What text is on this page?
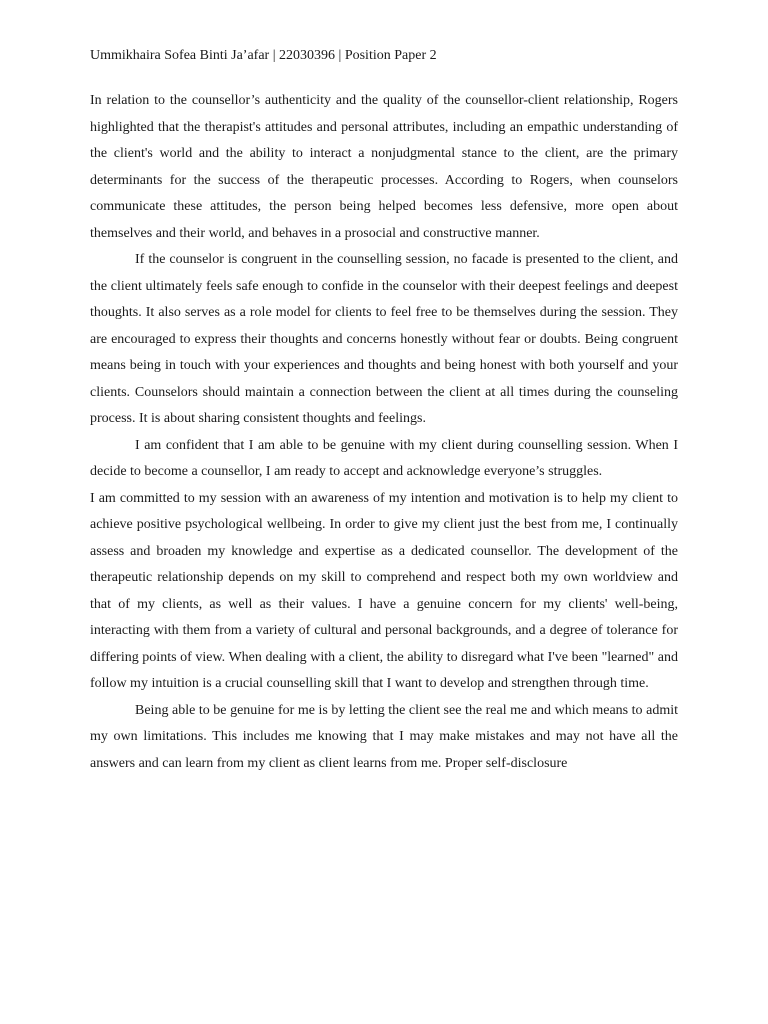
Ummikhaira Sofea Binti Ja’afar | 22030396 | Position Paper 2

In relation to the counsellor’s authenticity and the quality of the counsellor-client relationship, Rogers highlighted that the therapist's attitudes and personal attributes, including an empathic understanding of the client's world and the ability to interact a nonjudgmental stance to the client, are the primary determinants for the success of the therapeutic processes. According to Rogers, when counselors communicate these attitudes, the person being helped becomes less defensive, more open about themselves and their world, and behaves in a prosocial and constructive manner.

If the counselor is congruent in the counselling session, no facade is presented to the client, and the client ultimately feels safe enough to confide in the counselor with their deepest feelings and deepest thoughts. It also serves as a role model for clients to feel free to be themselves during the session. They are encouraged to express their thoughts and concerns honestly without fear or doubts. Being congruent means being in touch with your experiences and thoughts and being honest with both yourself and your clients. Counselors should maintain a connection between the client at all times during the counseling process. It is about sharing consistent thoughts and feelings.

I am confident that I am able to be genuine with my client during counselling session. When I decide to become a counsellor, I am ready to accept and acknowledge everyone’s struggles.

I am committed to my session with an awareness of my intention and motivation is to help my client to achieve positive psychological wellbeing. In order to give my client just the best from me, I continually assess and broaden my knowledge and expertise as a dedicated counsellor. The development of the therapeutic relationship depends on my skill to comprehend and respect both my own worldview and that of my clients, as well as their values. I have a genuine concern for my clients' well-being, interacting with them from a variety of cultural and personal backgrounds, and a degree of tolerance for differing points of view. When dealing with a client, the ability to disregard what I've been "learned" and follow my intuition is a crucial counselling skill that I want to develop and strengthen through time.

Being able to be genuine for me is by letting the client see the real me and which means to admit my own limitations. This includes me knowing that I may make mistakes and may not have all the answers and can learn from my client as client learns from me. Proper self-disclosure
